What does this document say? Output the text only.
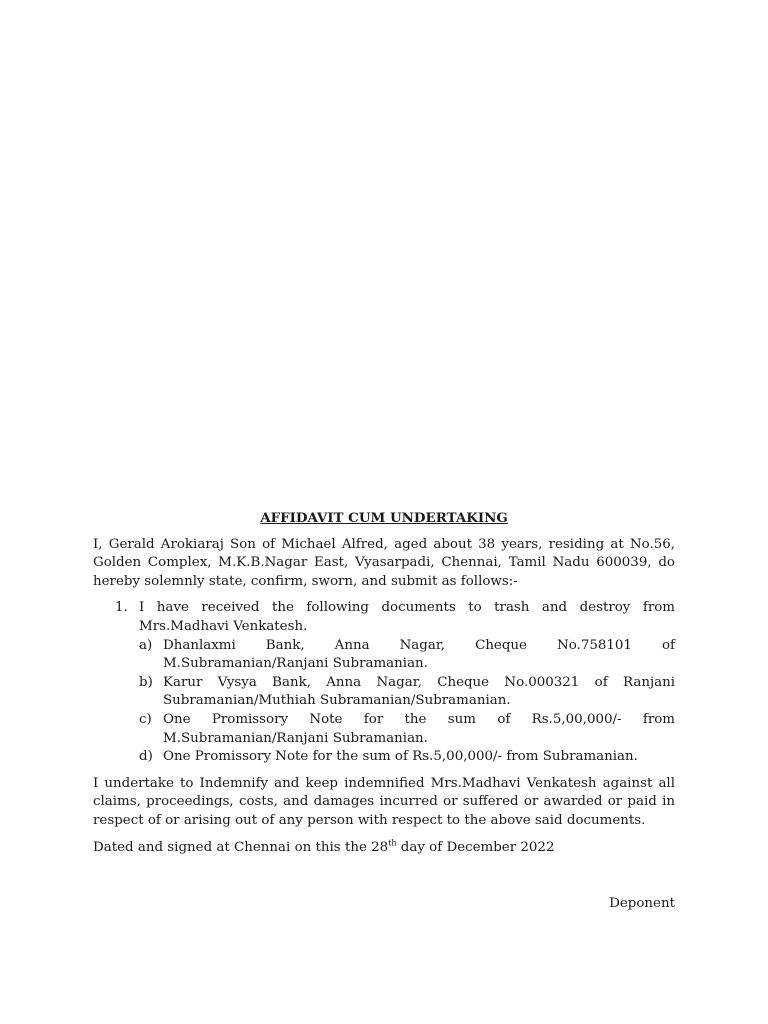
AFFIDAVIT CUM UNDERTAKING
I, Gerald Arokiaraj Son of Michael Alfred, aged about 38 years, residing at No.56, Golden Complex, M.K.B.Nagar East, Vyasarpadi, Chennai, Tamil Nadu 600039, do hereby solemnly state, confirm, sworn, and submit as follows:-
1. I have received the following documents to trash and destroy from Mrs.Madhavi Venkatesh.
a) Dhanlaxmi Bank, Anna Nagar, Cheque No.758101 of M.Subramanian/Ranjani Subramanian.
b) Karur Vysya Bank, Anna Nagar, Cheque No.000321 of Ranjani Subramanian/Muthiah Subramanian/Subramanian.
c) One Promissory Note for the sum of Rs.5,00,000/- from M.Subramanian/Ranjani Subramanian.
d) One Promissory Note for the sum of Rs.5,00,000/- from Subramanian.
I undertake to Indemnify and keep indemnified Mrs.Madhavi Venkatesh against all claims, proceedings, costs, and damages incurred or suffered or awarded or paid in respect of or arising out of any person with respect to the above said documents.

Dated and signed at Chennai on this the 28th day of December 2022

Deponent
